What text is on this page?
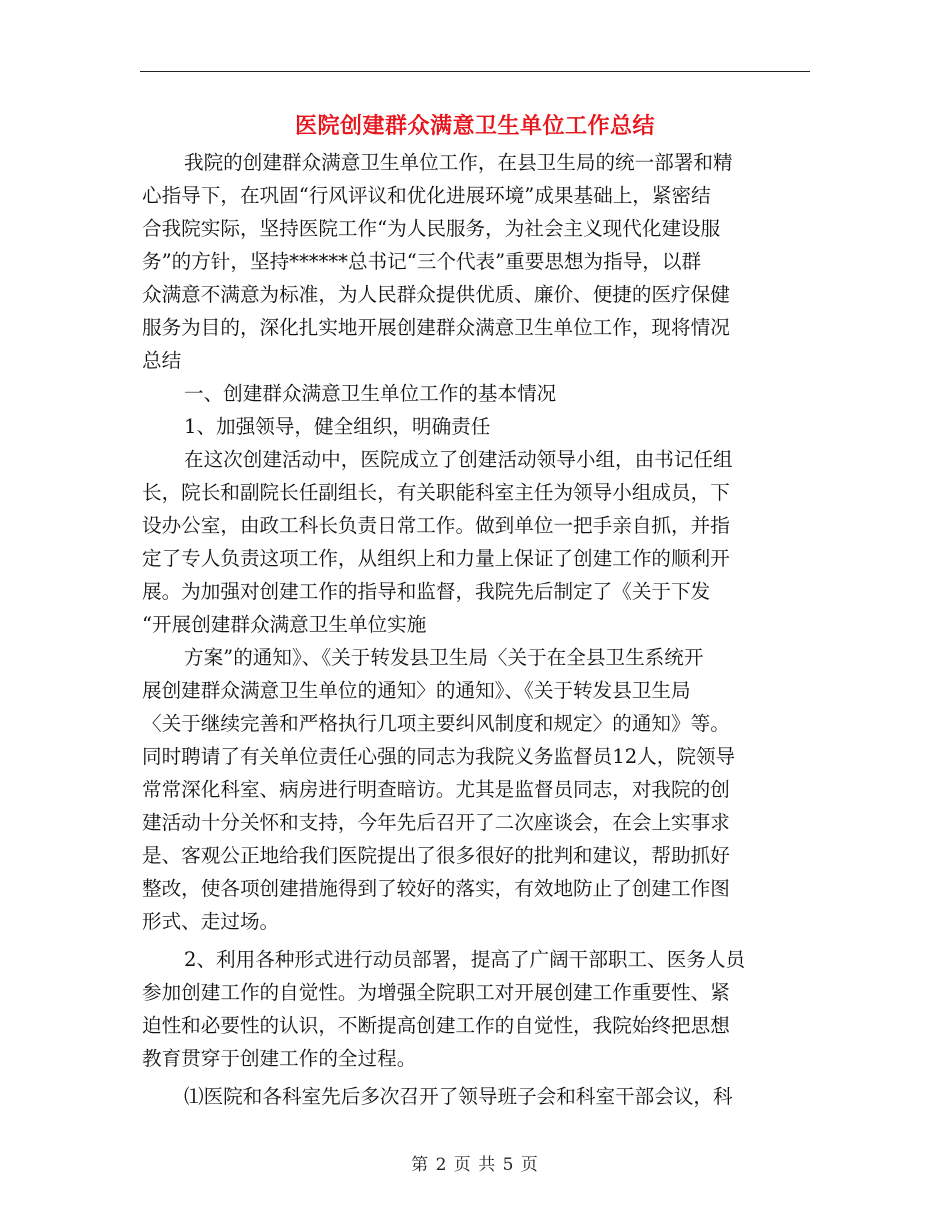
医院创建群众满意卫生单位工作总结
我院的创建群众满意卫生单位工作，在县卫生局的统一部署和精
心指导下，在巩固“行风评议和优化进展环境”成果基础上，紧密结
合我院实际，坚持医院工作“为人民服务，为社会主义现代化建设服
务”的方针，坚持******总书记“三个代表”重要思想为指导，以群
众满意不满意为标准，为人民群众提供优质、廉价、便捷的医疗保健
服务为目的，深化扎实地开展创建群众满意卫生单位工作，现将情况
总结
一、创建群众满意卫生单位工作的基本情况
1、加强领导，健全组织，明确责任
在这次创建活动中，医院成立了创建活动领导小组，由书记任组
长，院长和副院长任副组长，有关职能科室主任为领导小组成员，下
设办公室，由政工科长负责日常工作。做到单位一把手亲自抓，并指
定了专人负责这项工作，从组织上和力量上保证了创建工作的顺利开
展。为加强对创建工作的指导和监督，我院先后制定了《关于下发
“开展创建群众满意卫生单位实施
方案”的通知》、《关于转发县卫生局〈关于在全县卫生系统开
展创建群众满意卫生单位的通知〉的通知》、《关于转发县卫生局
〈关于继续完善和严格执行几项主要纠风制度和规定〉的通知》等。
同时聘请了有关单位责任心强的同志为我院义务监督员12人，院领导
常常深化科室、病房进行明查暗访。尤其是监督员同志，对我院的创
建活动十分关怀和支持，今年先后召开了二次座谈会，在会上实事求
是、客观公正地给我们医院提出了很多很好的批判和建议，帮助抓好
整改，使各项创建措施得到了较好的落实，有效地防止了创建工作图
形式、走过场。
2、利用各种形式进行动员部署，提高了广阔干部职工、医务人员
参加创建工作的自觉性。为增强全院职工对开展创建工作重要性、紧
迫性和必要性的认识，不断提高创建工作的自觉性，我院始终把思想
教育贯穿于创建工作的全过程。
⑴医院和各科室先后多次召开了领导班子会和科室干部会议，科
第 2 页 共 5 页
